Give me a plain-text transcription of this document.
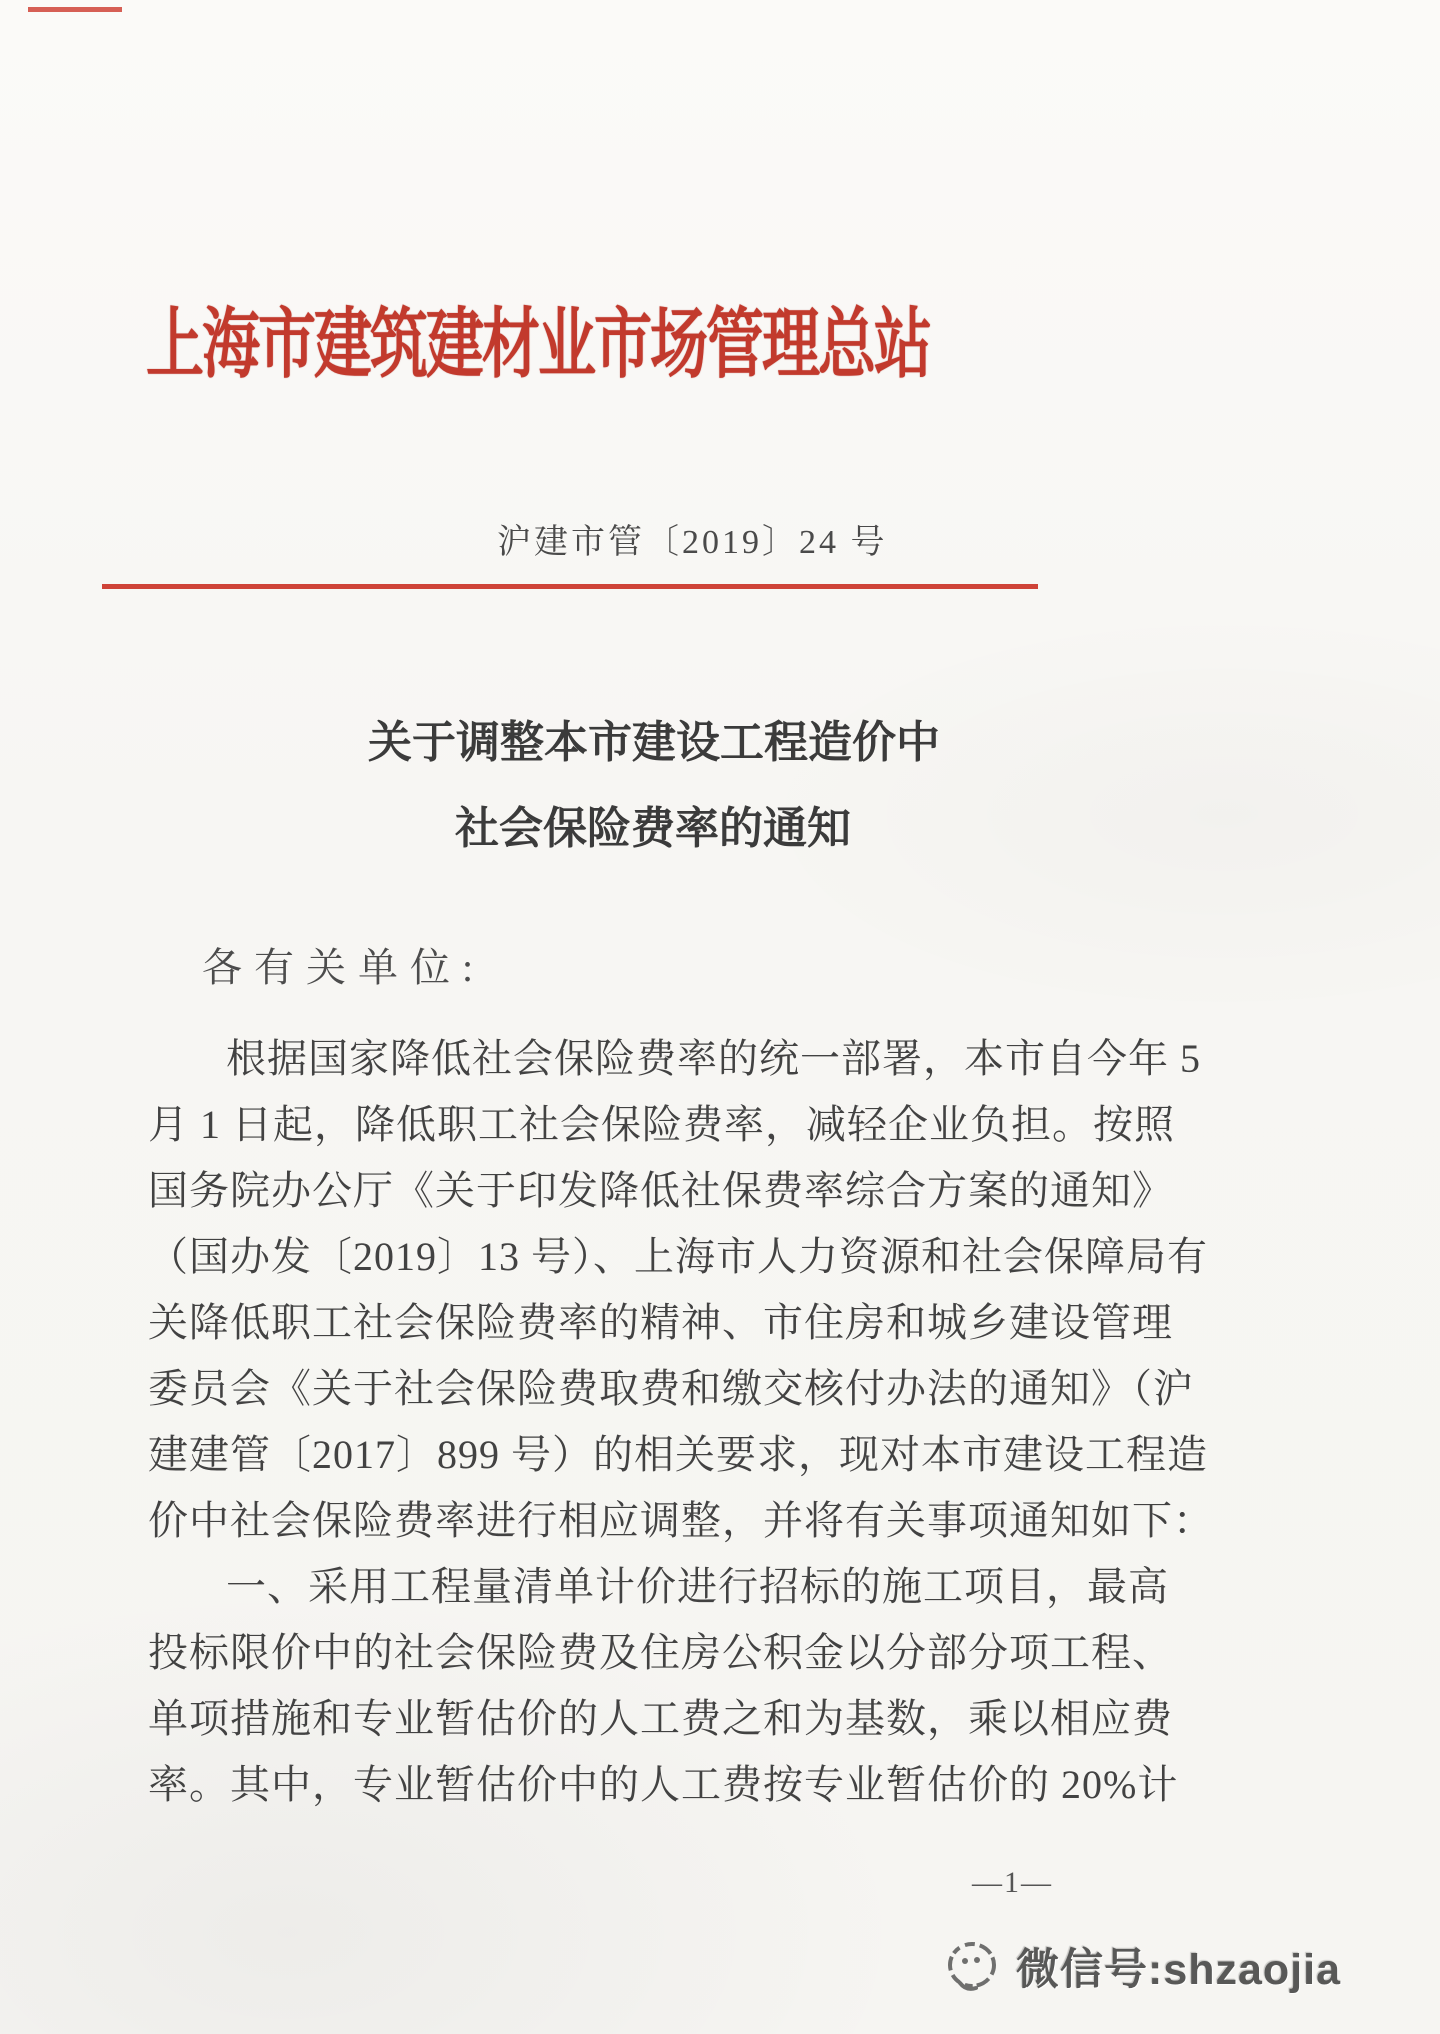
上海市建筑建材业市场管理总站
沪建市管〔2019〕24 号
关于调整本市建设工程造价中
社会保险费率的通知
各有关单位:

根据国家降低社会保险费率的统一部署，本市自今年 5

月 1 日起，降低职工社会保险费率，减轻企业负担。按照

国务院办公厅《关于印发降低社保费率综合方案的通知》

（国办发〔2019〕13 号）、上海市人力资源和社会保障局有

关降低职工社会保险费率的精神、市住房和城乡建设管理

委员会《关于社会保险费取费和缴交核付办法的通知》（沪

建建管〔2017〕899 号）的相关要求，现对本市建设工程造

价中社会保险费率进行相应调整，并将有关事项通知如下：

一、采用工程量清单计价进行招标的施工项目，最高

投标限价中的社会保险费及住房公积金以分部分项工程、

单项措施和专业暂估价的人工费之和为基数，乘以相应费

率。其中，专业暂估价中的人工费按专业暂估价的 20%计

—1—
微信号:shzaojia
